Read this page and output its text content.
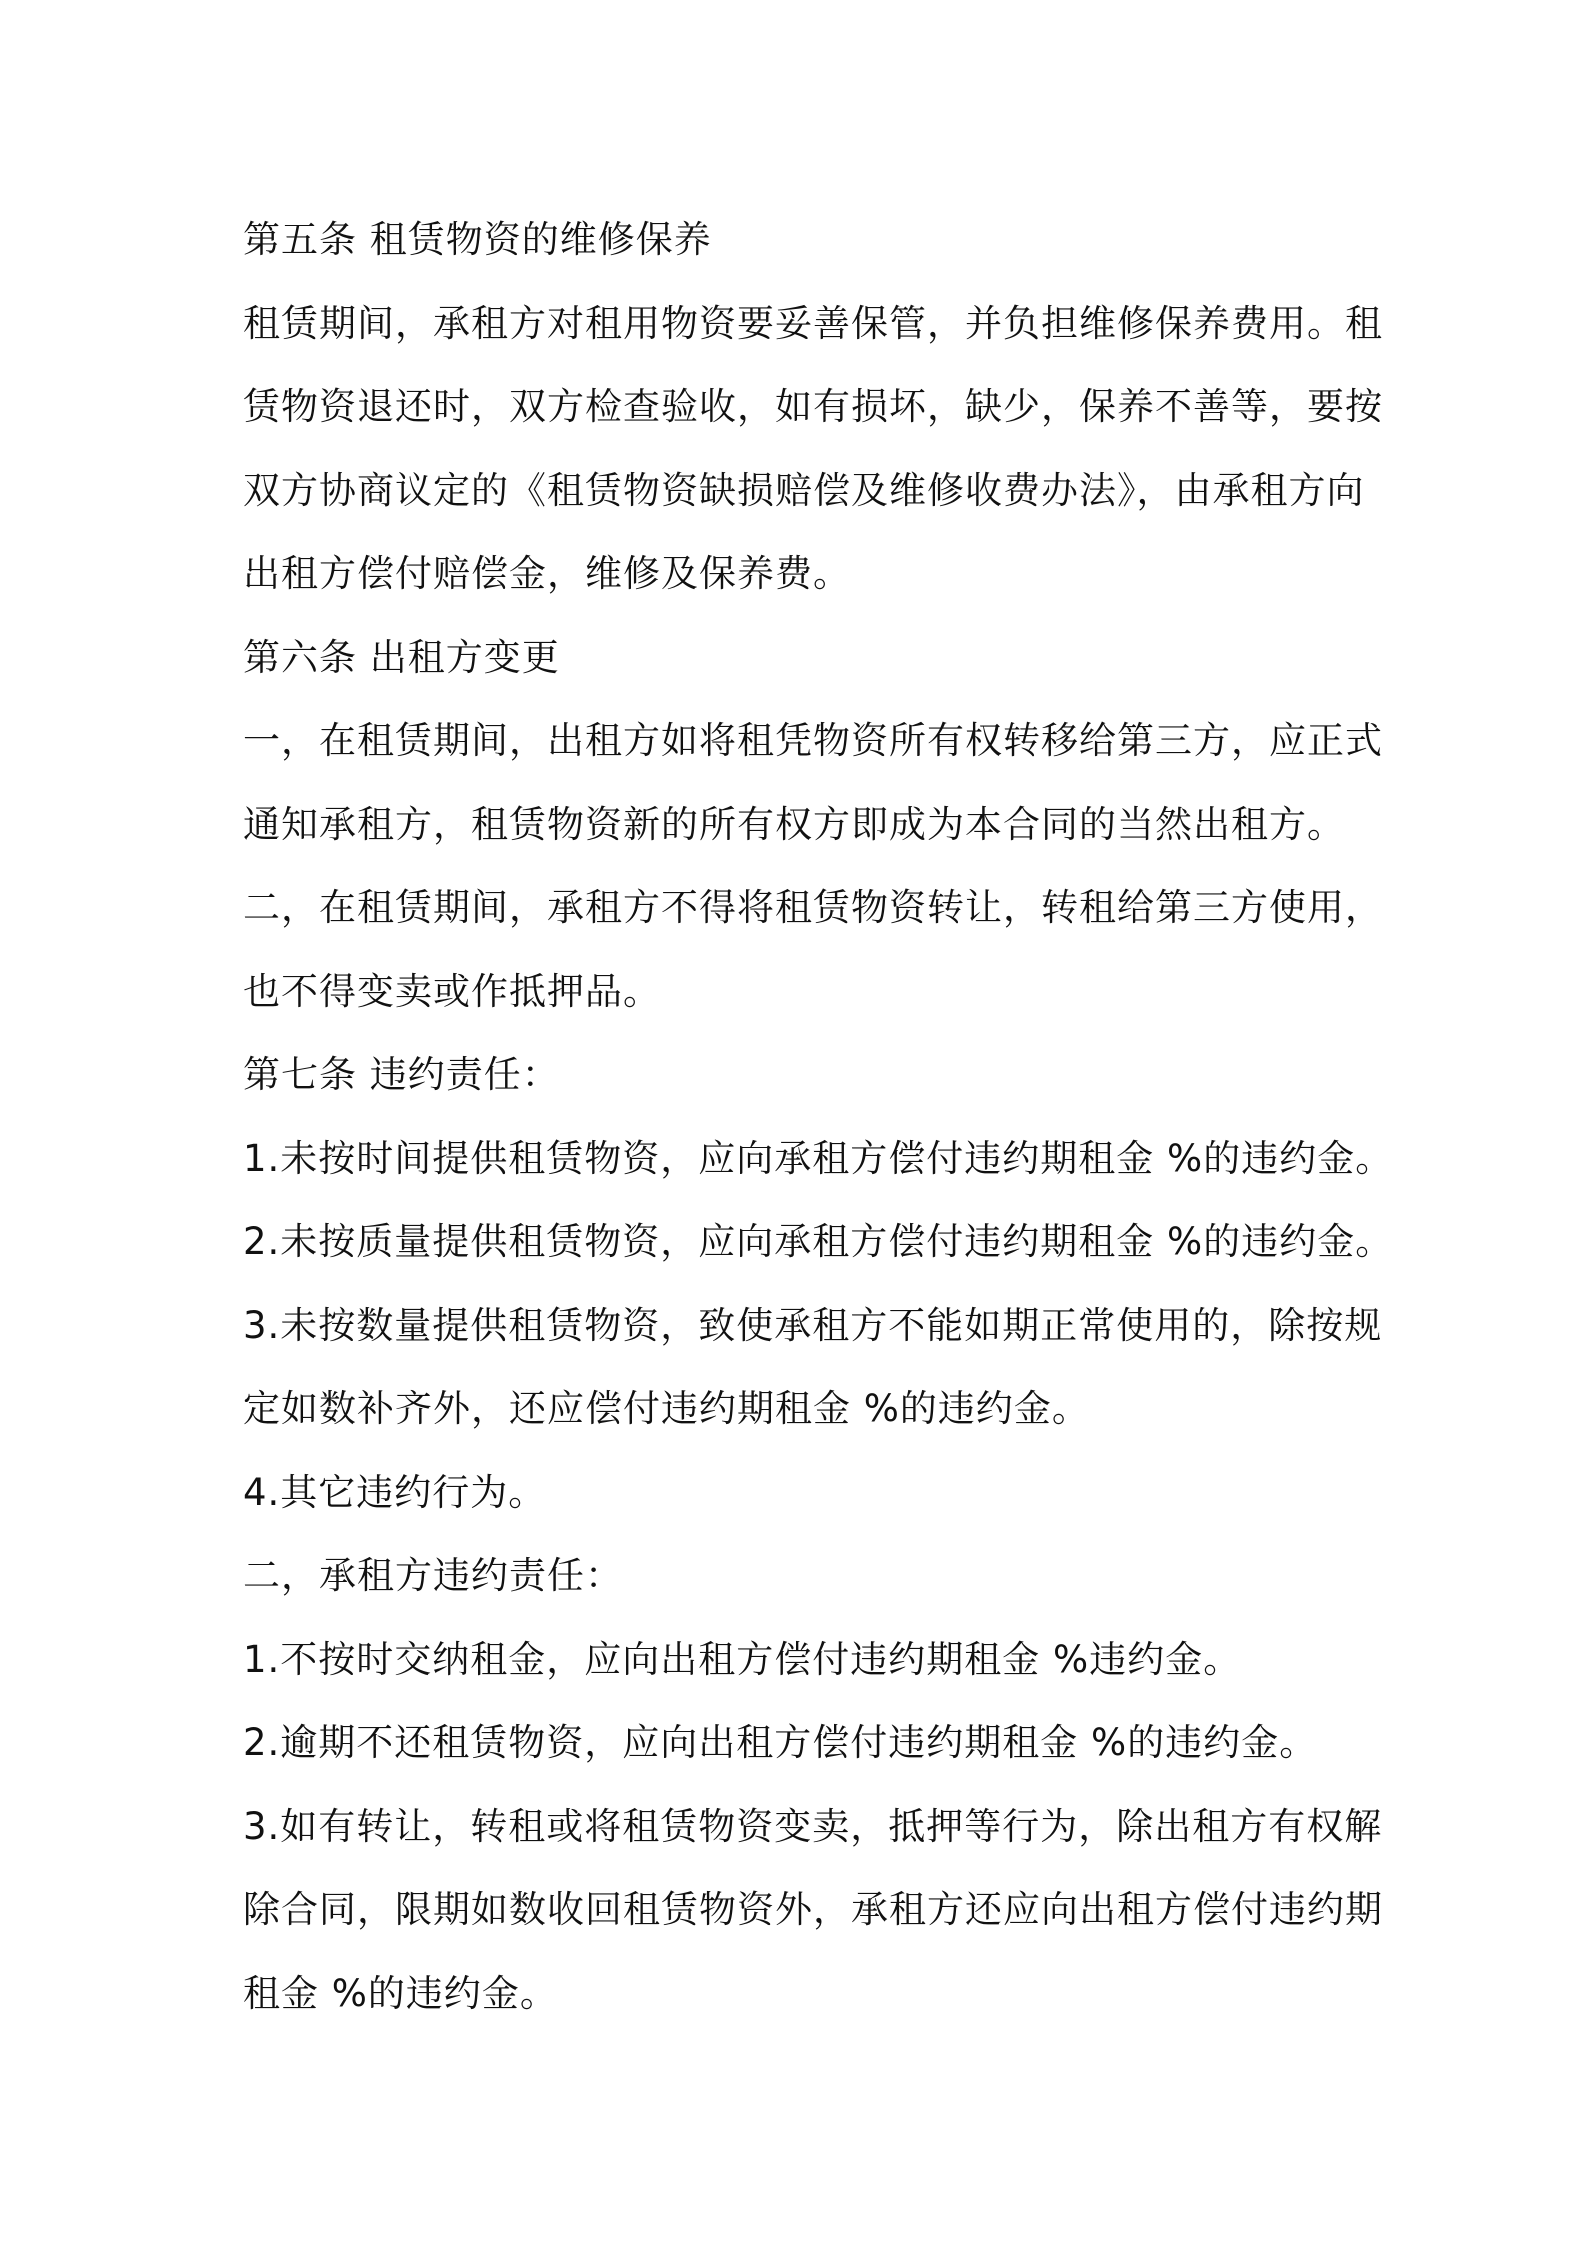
第五条 租赁物资的维修保养
租赁期间，承租方对租用物资要妥善保管，并负担维修保养费用。租
赁物资退还时，双方检查验收，如有损坏，缺少，保养不善等，要按
双方协商议定的《租赁物资缺损赔偿及维修收费办法》，由承租方向
出租方偿付赔偿金，维修及保养费。
第六条 出租方变更
一，在租赁期间，出租方如将租凭物资所有权转移给第三方，应正式
通知承租方，租赁物资新的所有权方即成为本合同的当然出租方。
二，在租赁期间，承租方不得将租赁物资转让，转租给第三方使用，
也不得变卖或作抵押品。
第七条 违约责任：
1.未按时间提供租赁物资，应向承租方偿付违约期租金 %的违约金。
2.未按质量提供租赁物资，应向承租方偿付违约期租金 %的违约金。
3.未按数量提供租赁物资，致使承租方不能如期正常使用的，除按规
定如数补齐外，还应偿付违约期租金 %的违约金。
4.其它违约行为。
二，承租方违约责任：
1.不按时交纳租金，应向出租方偿付违约期租金 %违约金。
2.逾期不还租赁物资，应向出租方偿付违约期租金 %的违约金。
3.如有转让，转租或将租赁物资变卖，抵押等行为，除出租方有权解
除合同，限期如数收回租赁物资外，承租方还应向出租方偿付违约期
租金 %的违约金。
